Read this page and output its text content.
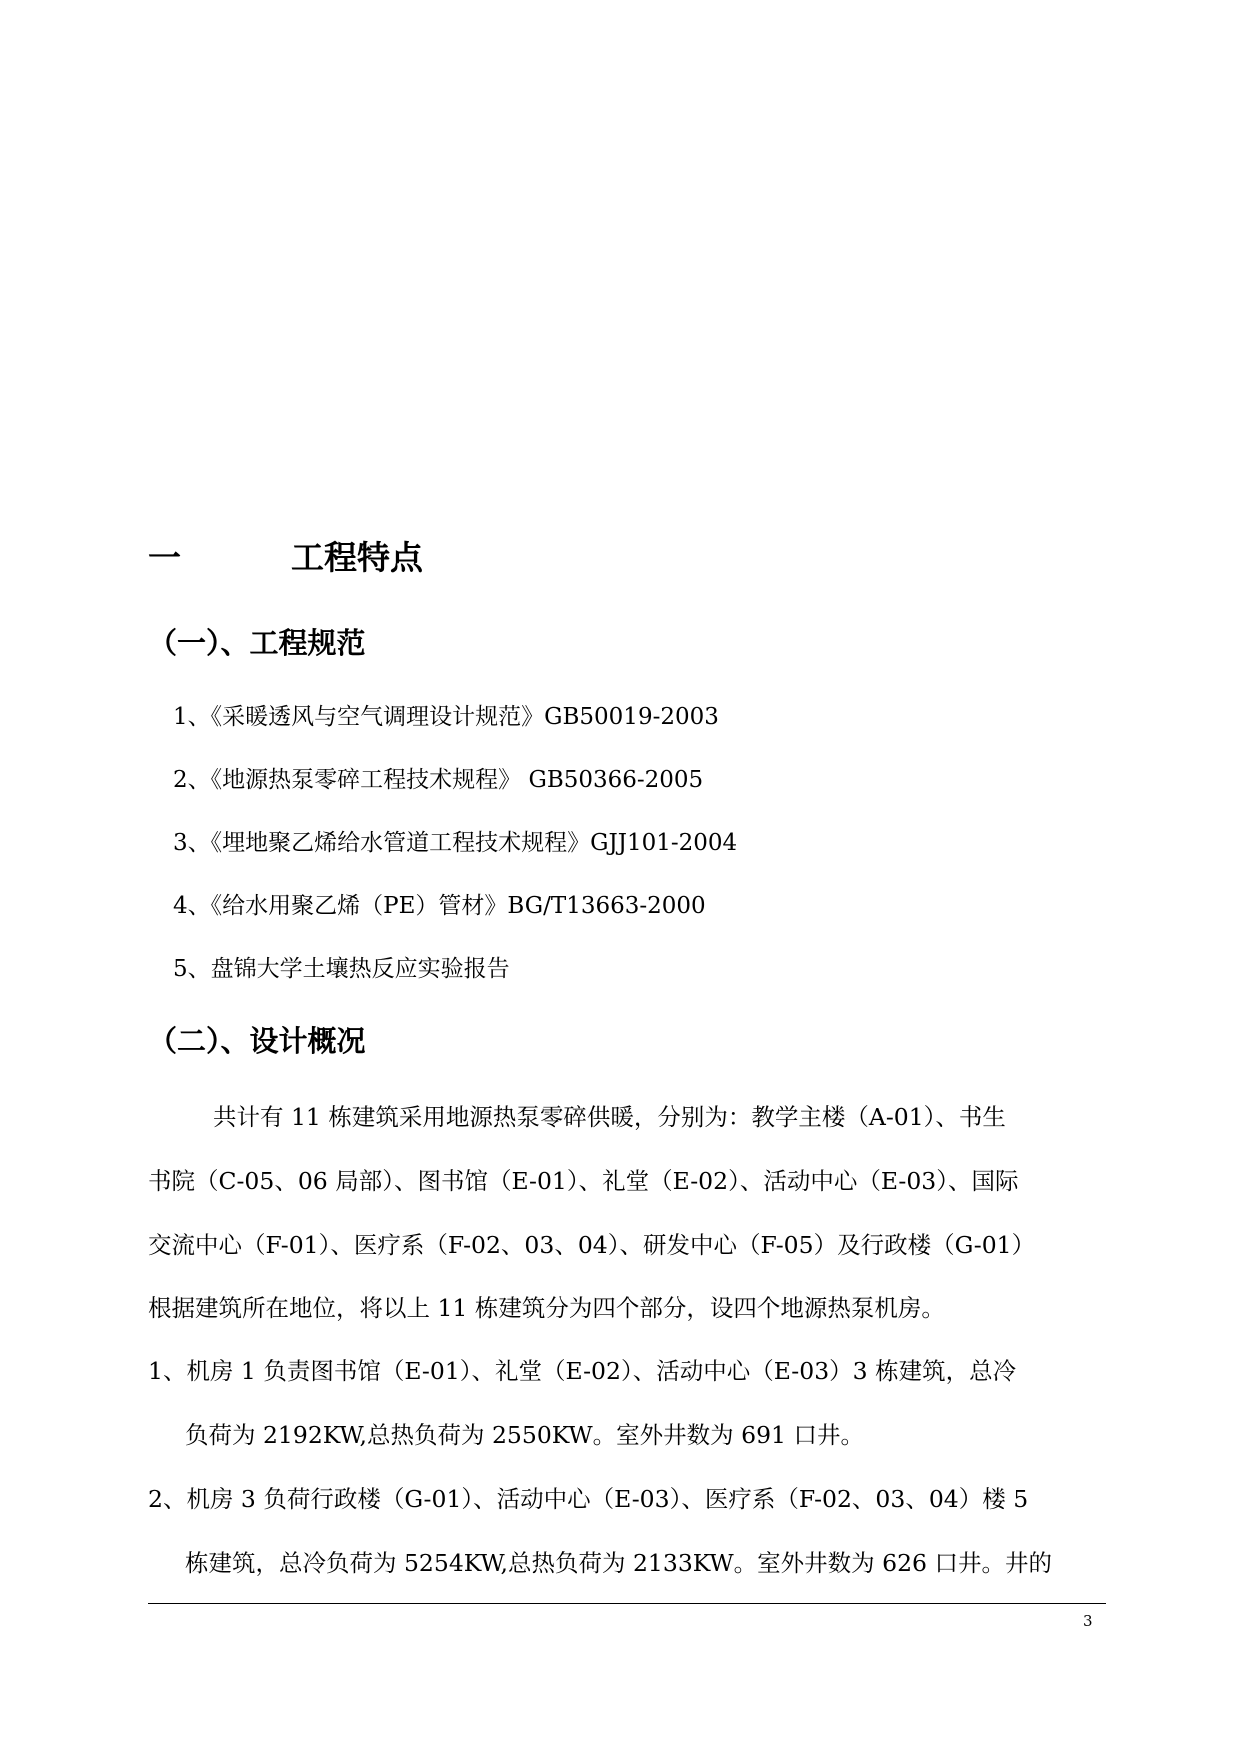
一	工程特点
（一）、工程规范
1、《采暖透风与空气调理设计规范》GB50019-2003
2、《地源热泵零碎工程技术规程》 GB50366-2005
3、《埋地聚乙烯给水管道工程技术规程》GJJ101-2004
4、《给水用聚乙烯（PE）管材》BG/T13663-2000
5、盘锦大学土壤热反应实验报告
（二）、设计概况
共计有 11 栋建筑采用地源热泵零碎供暖，分别为：教学主楼（A-01）、书生
书院（C-05、06 局部）、图书馆（E-01）、礼堂（E-02）、活动中心（E-03）、国际
交流中心（F-01）、医疗系（F-02、03、04）、研发中心（F-05）及行政楼（G-01）
根据建筑所在地位，将以上 11 栋建筑分为四个部分，设四个地源热泵机房。
1、机房 1 负责图书馆（E-01）、礼堂（E-02）、活动中心（E-03）3 栋建筑，总冷
负荷为 2192KW,总热负荷为 2550KW。室外井数为 691 口井。
2、机房 3 负荷行政楼（G-01）、活动中心（E-03）、医疗系（F-02、03、04）楼 5
栋建筑，总冷负荷为 5254KW,总热负荷为 2133KW。室外井数为 626 口井。井的
3
